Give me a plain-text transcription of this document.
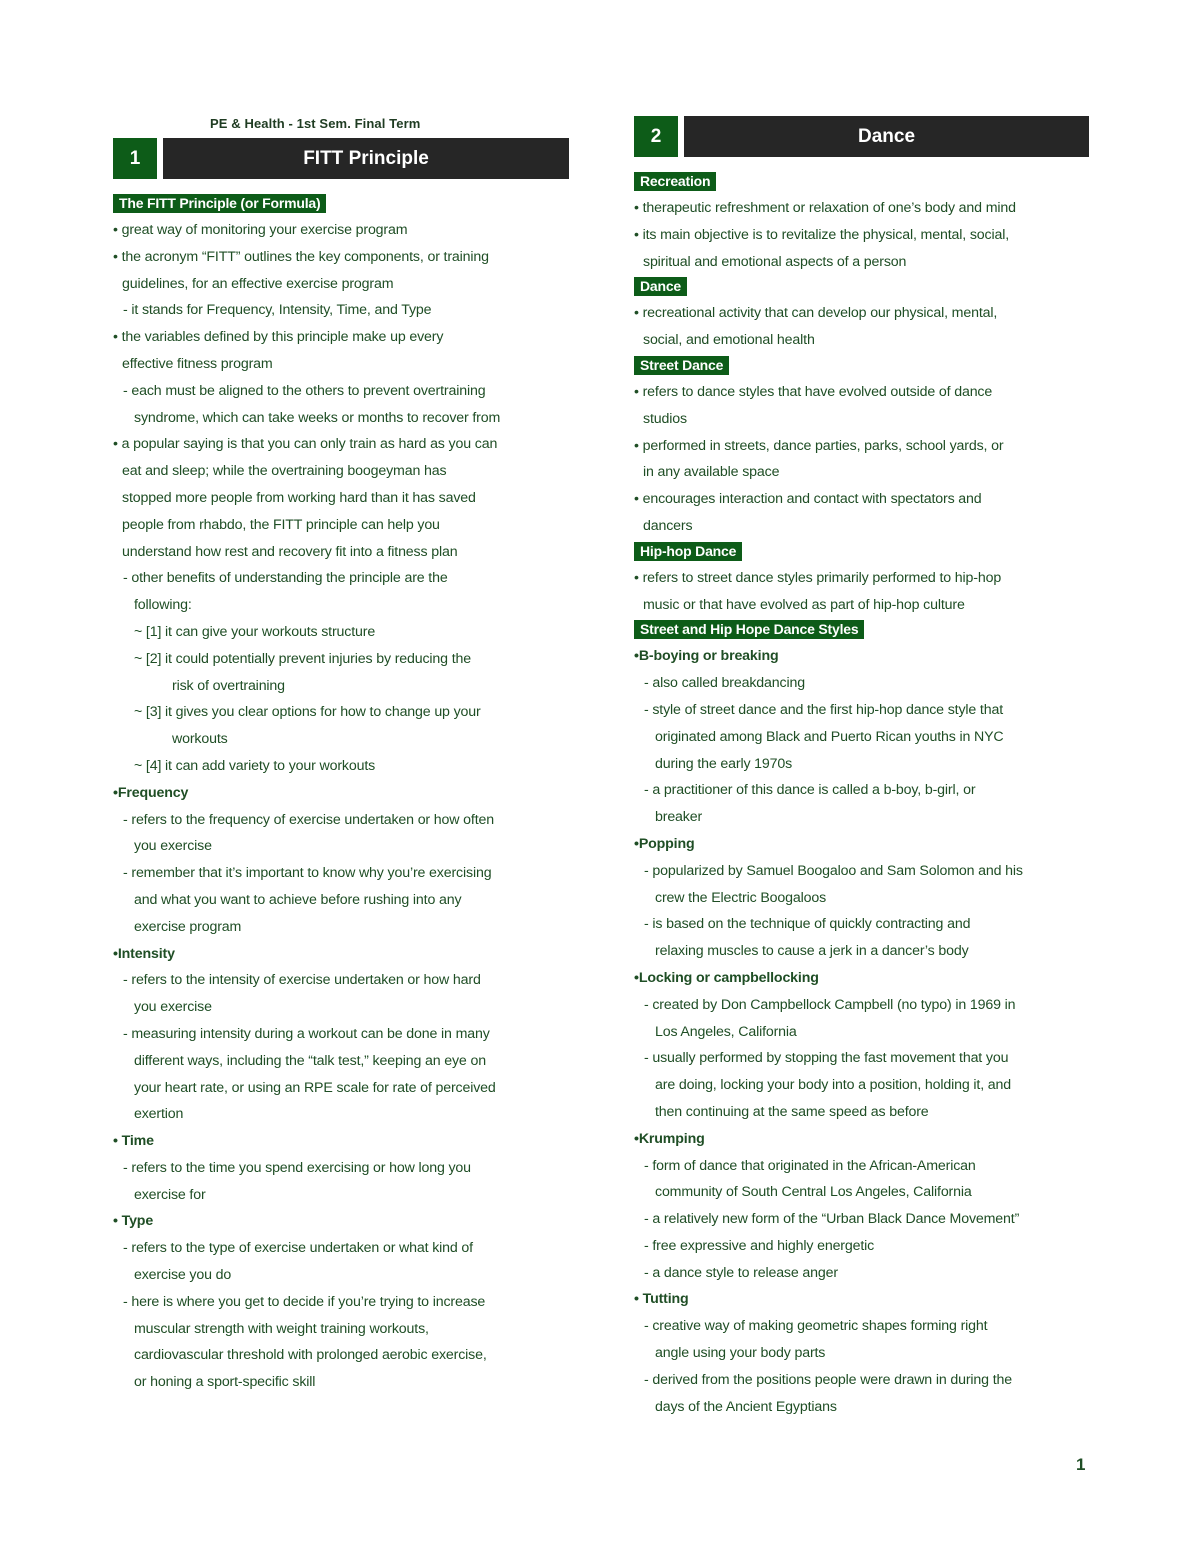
PE & Health - 1st Sem. Final Term
1	FITT Principle
The FITT Principle (or Formula)
• great way of monitoring your exercise program
• the acronym “FITT” outlines the key components, or training
guidelines, for an effective exercise program
- it stands for Frequency, Intensity, Time, and Type
• the variables defined by this principle make up every
effective fitness program
- each must be aligned to the others to prevent overtraining
syndrome, which can take weeks or months to recover from
• a popular saying is that you can only train as hard as you can
eat and sleep; while the overtraining boogeyman has
stopped more people from working hard than it has saved
people from rhabdo, the FITT principle can help you
understand how rest and recovery fit into a fitness plan
- other benefits of understanding the principle are the
following:
~ [1] it can give your workouts structure
~ [2] it could potentially prevent injuries by reducing the
risk of overtraining
~ [3] it gives you clear options for how to change up your
workouts
~ [4] it can add variety to your workouts
•Frequency
- refers to the frequency of exercise undertaken or how often
you exercise
- remember that it’s important to know why you’re exercising
and what you want to achieve before rushing into any
exercise program
•Intensity
- refers to the intensity of exercise undertaken or how hard
you exercise
- measuring intensity during a workout can be done in many
different ways, including the “talk test,” keeping an eye on
your heart rate, or using an RPE scale for rate of perceived
exertion
• Time
- refers to the time you spend exercising or how long you
exercise for
• Type
- refers to the type of exercise undertaken or what kind of
exercise you do
- here is where you get to decide if you’re trying to increase
muscular strength with weight training workouts,
cardiovascular threshold with prolonged aerobic exercise,
or honing a sport-specific skill
2	Dance
Recreation
• therapeutic refreshment or relaxation of one’s body and mind
• its main objective is to revitalize the physical, mental, social,
spiritual and emotional aspects of a person
Dance
• recreational activity that can develop our physical, mental,
social, and emotional health
Street Dance
• refers to dance styles that have evolved outside of dance
studios
• performed in streets, dance parties, parks, school yards, or
in any available space
• encourages interaction and contact with spectators and
dancers
Hip-hop Dance
• refers to street dance styles primarily performed to hip-hop
music or that have evolved as part of hip-hop culture
Street and Hip Hope Dance Styles
•B-boying or breaking
- also called breakdancing
- style of street dance and the first hip-hop dance style that
originated among Black and Puerto Rican youths in NYC
during the early 1970s
- a practitioner of this dance is called a b-boy, b-girl, or
breaker
•Popping
- popularized by Samuel Boogaloo and Sam Solomon and his
crew the Electric Boogaloos
- is based on the technique of quickly contracting and
relaxing muscles to cause a jerk in a dancer’s body
•Locking or campbellocking
- created by Don Campbellock Campbell (no typo) in 1969 in
Los Angeles, California
- usually performed by stopping the fast movement that you
are doing, locking your body into a position, holding it, and
then continuing at the same speed as before
•Krumping
- form of dance that originated in the African-American
community of South Central Los Angeles, California
- a relatively new form of the “Urban Black Dance Movement”
- free expressive and highly energetic
- a dance style to release anger
• Tutting
- creative way of making geometric shapes forming right
angle using your body parts
- derived from the positions people were drawn in during the
days of the Ancient Egyptians
1
